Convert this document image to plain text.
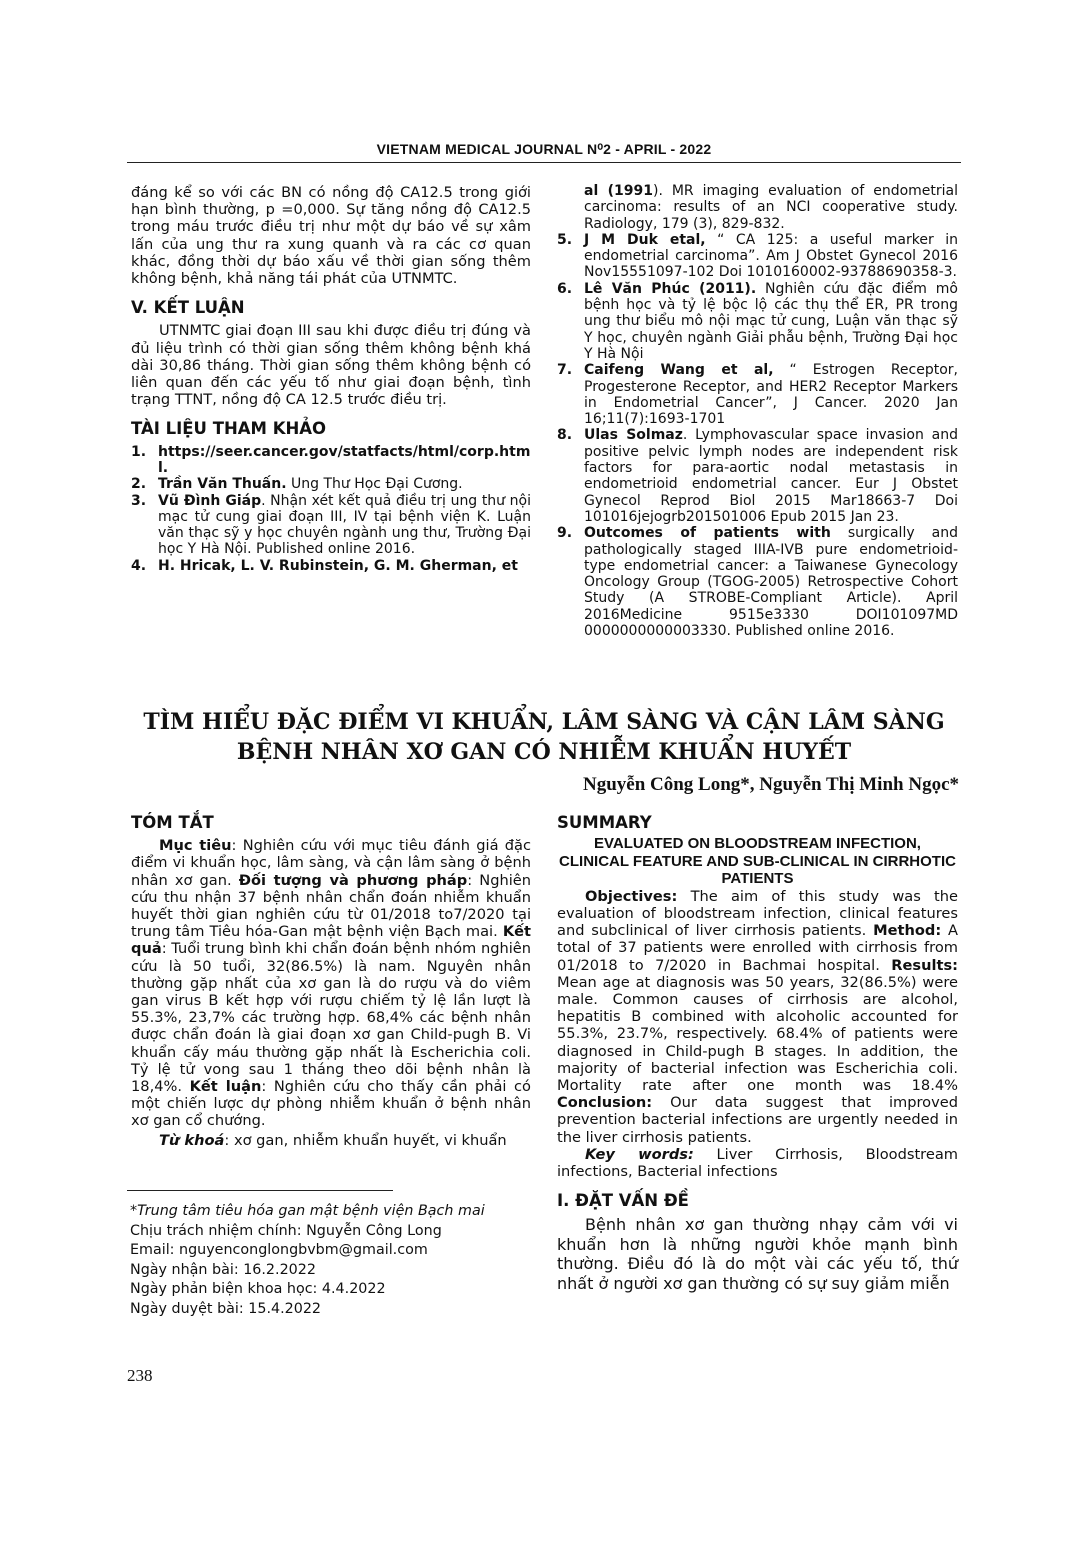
VIETNAM MEDICAL JOURNAL N⁰2 - APRIL - 2022
đáng kể so với các BN có nồng độ CA12.5 trong giới hạn bình thường, p =0,000. Sự tăng nồng độ CA12.5 trong máu trước điều trị như một dự báo về sự xâm lấn của ung thư ra xung quanh và ra các cơ quan khác, đồng thời dự báo xấu về thời gian sống thêm không bệnh, khả năng tái phát của UTNMTC.
V. KẾT LUẬN
UTNMTC giai đoạn III sau khi được điều trị đúng và đủ liệu trình có thời gian sống thêm không bệnh khá dài 30,86 tháng. Thời gian sống thêm không bệnh có liên quan đến các yếu tố như giai đoạn bệnh, tình trạng TTNT, nồng độ CA 12.5 trước điều trị.
TÀI LIỆU THAM KHẢO
1. https://seer.cancer.gov/statfacts/html/corp.html.
2. Trần Văn Thuấn. Ung Thư Học Đại Cương.
3. Vũ Đình Giáp. Nhận xét kết quả điều trị ung thư nội mạc tử cung giai đoạn III, IV tại bệnh viện K. Luận văn thạc sỹ y học chuyên ngành ung thư, Trường Đại học Y Hà Nội. Published online 2016.
4. H. Hricak, L. V. Rubinstein, G. M. Gherman, et
al (1991). MR imaging evaluation of endometrial carcinoma: results of an NCI cooperative study. Radiology, 179 (3), 829-832.
5. J M Duk etal, “ CA 125: a useful marker in endometrial carcinoma”. Am J Obstet Gynecol 2016 Nov15551097-102 Doi 1010160002-93788690358-3.
6. Lê Văn Phúc (2011). Nghiên cứu đặc điểm mô bệnh học và tỷ lệ bộc lộ các thụ thể ER, PR trong ung thư biểu mô nội mạc tử cung, Luận văn thạc sỹ Y học, chuyên ngành Giải phẫu bệnh, Trường Đại học Y Hà Nội
7. Caifeng Wang et al, “ Estrogen Receptor, Progesterone Receptor, and HER2 Receptor Markers in Endometrial Cancer”, J Cancer. 2020 Jan 16;11(7):1693-1701
8. Ulas Solmaz. Lymphovascular space invasion and positive pelvic lymph nodes are independent risk factors for para-aortic nodal metastasis in endometrioid endometrial cancer. Eur J Obstet Gynecol Reprod Biol 2015 Mar18663-7 Doi 101016jejogrb201501006 Epub 2015 Jan 23.
9. Outcomes of patients with surgically and pathologically staged IIIA-IVB pure endometrioid-type endometrial cancer: a Taiwanese Gynecology Oncology Group (TGOG-2005) Retrospective Cohort Study (A STROBE-Compliant Article). April 2016Medicine 9515e3330 DOI101097MD 0000000000003330. Published online 2016.
TÌM HIỂU ĐẶC ĐIỂM VI KHUẨN, LÂM SÀNG VÀ CẬN LÂM SÀNG
BỆNH NHÂN XƠ GAN CÓ NHIỄM KHUẨN HUYẾT
Nguyễn Công Long*, Nguyễn Thị Minh Ngọc*
TÓM TẮT
Mục tiêu: Nghiên cứu với mục tiêu đánh giá đặc điểm vi khuẩn học, lâm sàng, và cận lâm sàng ở bệnh nhân xơ gan. Đối tượng và phương pháp: Nghiên cứu thu nhận 37 bệnh nhân chẩn đoán nhiễm khuẩn huyết thời gian nghiên cứu từ 01/2018 to7/2020 tại trung tâm Tiêu hóa-Gan mật bệnh viện Bạch mai. Kết quả: Tuổi trung bình khi chẩn đoán bệnh nhóm nghiên cứu là 50 tuổi, 32(86.5%) là nam. Nguyên nhân thường gặp nhất của xơ gan là do rượu và do viêm gan virus B kết hợp với rượu chiếm tỷ lệ lần lượt là 55.3%, 23,7% các trường hợp. 68,4% các bệnh nhân được chẩn đoán là giai đoạn xơ gan Child-pugh B. Vi khuẩn cấy máu thường gặp nhất là Escherichia coli. Tỷ lệ tử vong sau 1 tháng theo dõi bệnh nhân là 18,4%. Kết luận: Nghiên cứu cho thấy cần phải có một chiến lược dự phòng nhiễm khuẩn ở bệnh nhân xơ gan cổ chướng.
Từ khoá: xơ gan, nhiễm khuẩn huyết, vi khuẩn
*Trung tâm tiêu hóa gan mật bệnh viện Bạch mai
Chịu trách nhiệm chính: Nguyễn Công Long
Email: nguyenconglongbvbm@gmail.com
Ngày nhận bài: 16.2.2022
Ngày phản biện khoa học: 4.4.2022
Ngày duyệt bài: 15.4.2022
238
SUMMARY
EVALUATED ON BLOODSTREAM INFECTION, CLINICAL FEATURE AND SUB-CLINICAL IN CIRRHOTIC PATIENTS
Objectives: The aim of this study was the evaluation of bloodstream infection, clinical features and subclinical of liver cirrhosis patients. Method: A total of 37 patients were enrolled with cirrhosis from 01/2018 to 7/2020 in Bachmai hospital. Results: Mean age at diagnosis was 50 years, 32(86.5%) were male. Common causes of cirrhosis are alcohol, hepatitis B combined with alcoholic accounted for 55.3%, 23.7%, respectively. 68.4% of patients were diagnosed in Child-pugh B stages. In addition, the majority of bacterial infection was Escherichia coli. Mortality rate after one month was 18.4% Conclusion: Our data suggest that improved prevention bacterial infections are urgently needed in the liver cirrhosis patients.
Key words: Liver Cirrhosis, Bloodstream infections, Bacterial infections
I. ĐẶT VẤN ĐỀ
Bệnh nhân xơ gan thường nhạy cảm với vi khuẩn hơn là những người khỏe mạnh bình thường. Điều đó là do một vài các yếu tố, thứ nhất ở người xơ gan thường có sự suy giảm miễn
